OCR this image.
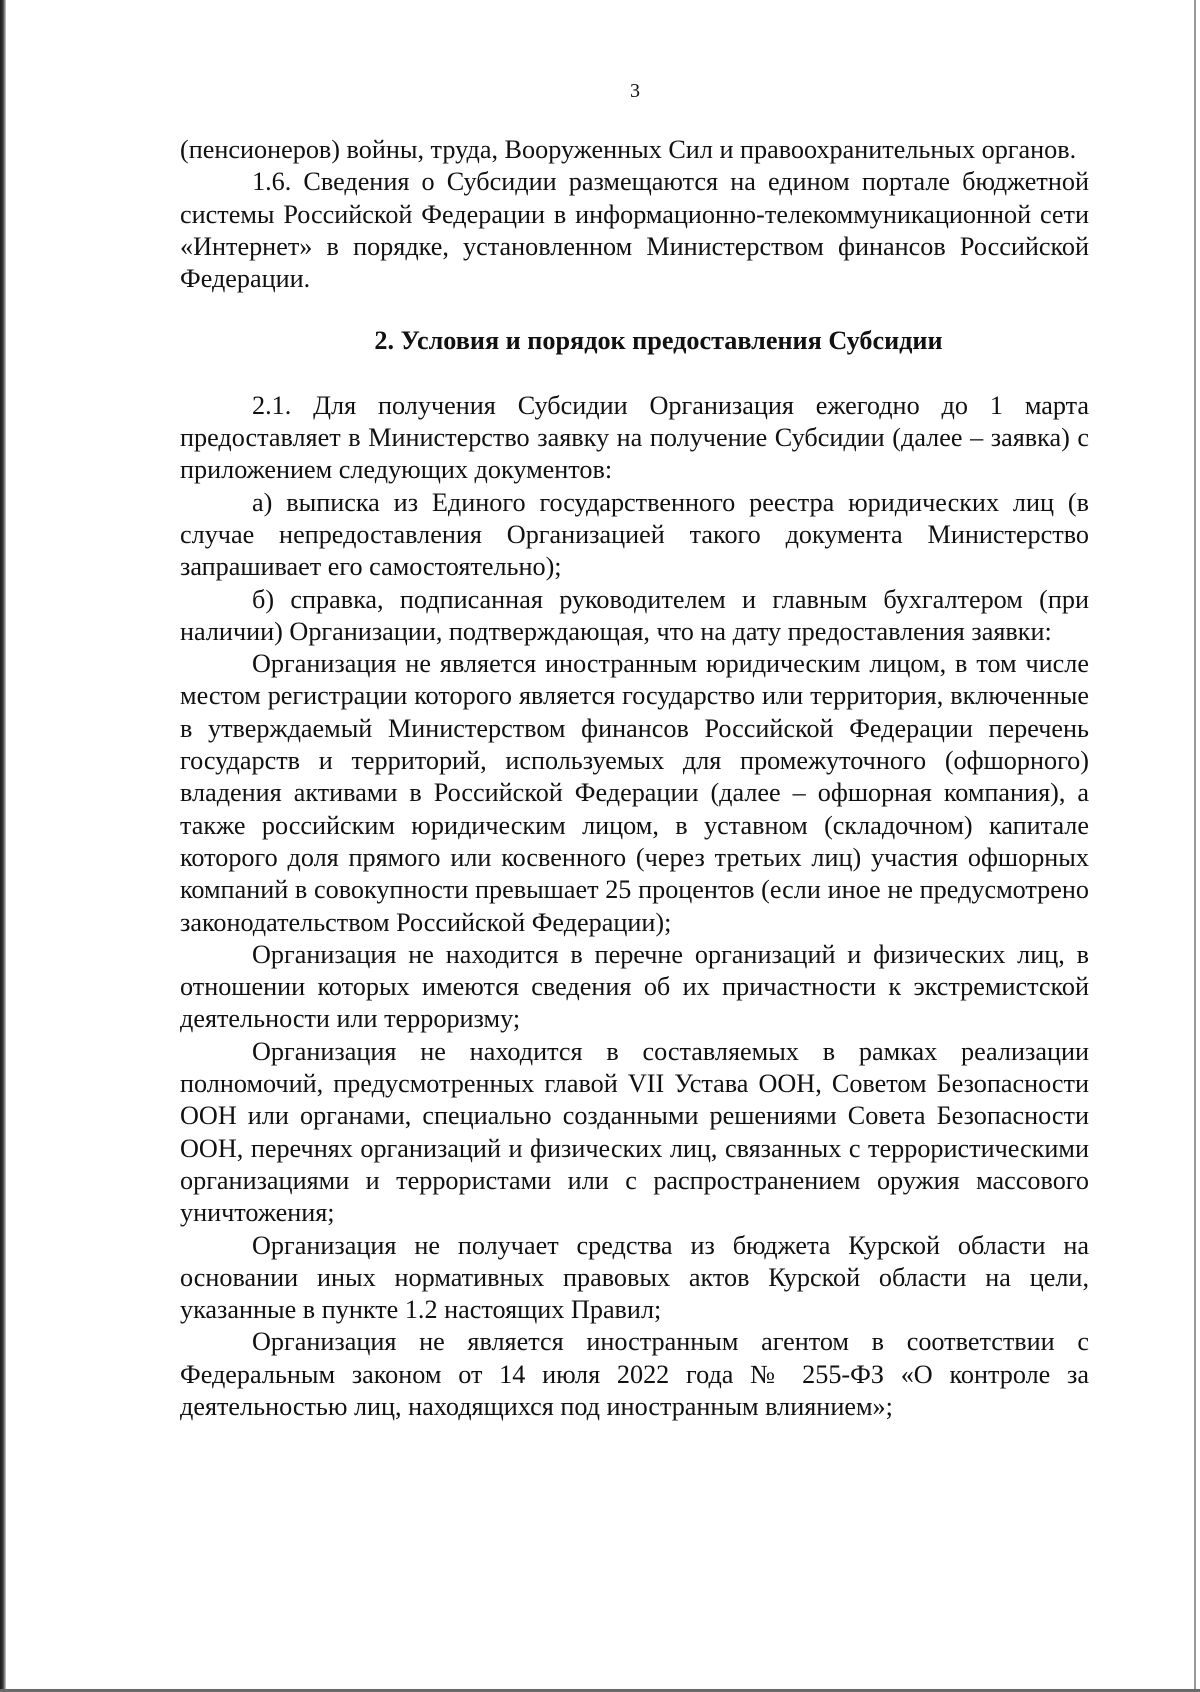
3

(пенсионеров) войны, труда, Вооруженных Сил и правоохранительных органов.

1.6. Сведения о Субсидии размещаются на едином портале бюджетной системы Российской Федерации в информационно-телекоммуникационной сети «Интернет» в порядке, установленном Министерством финансов Российской Федерации.

2. Условия и порядок предоставления Субсидии

2.1. Для получения Субсидии Организация ежегодно до 1 марта предоставляет в Министерство заявку на получение Субсидии (далее – заявка) с приложением следующих документов:

а) выписка из Единого государственного реестра юридических лиц (в случае непредоставления Организацией такого документа Министерство запрашивает его самостоятельно);

б) справка, подписанная руководителем и главным бухгалтером (при наличии) Организации, подтверждающая, что на дату предоставления заявки:

Организация не является иностранным юридическим лицом, в том числе местом регистрации которого является государство или территория, включенные в утверждаемый Министерством финансов Российской Федерации перечень государств и территорий, используемых для промежуточного (офшорного) владения активами в Российской Федерации (далее – офшорная компания), а также российским юридическим лицом, в уставном (складочном) капитале которого доля прямого или косвенного (через третьих лиц) участия офшорных компаний в совокупности превышает 25 процентов (если иное не предусмотрено законодательством Российской Федерации);

Организация не находится в перечне организаций и физических лиц, в отношении которых имеются сведения об их причастности к экстремистской деятельности или терроризму;

Организация не находится в составляемых в рамках реализации полномочий, предусмотренных главой VII Устава ООН, Советом Безопасности ООН или органами, специально созданными решениями Совета Безопасности ООН, перечнях организаций и физических лиц, связанных с террористическими организациями и террористами или с распространением оружия массового уничтожения;

Организация не получает средства из бюджета Курской области на основании иных нормативных правовых актов Курской области на цели, указанные в пункте 1.2 настоящих Правил;

Организация не является иностранным агентом в соответствии с Федеральным законом от 14 июля 2022 года № 255-ФЗ «О контроле за деятельностью лиц, находящихся под иностранным влиянием»;
